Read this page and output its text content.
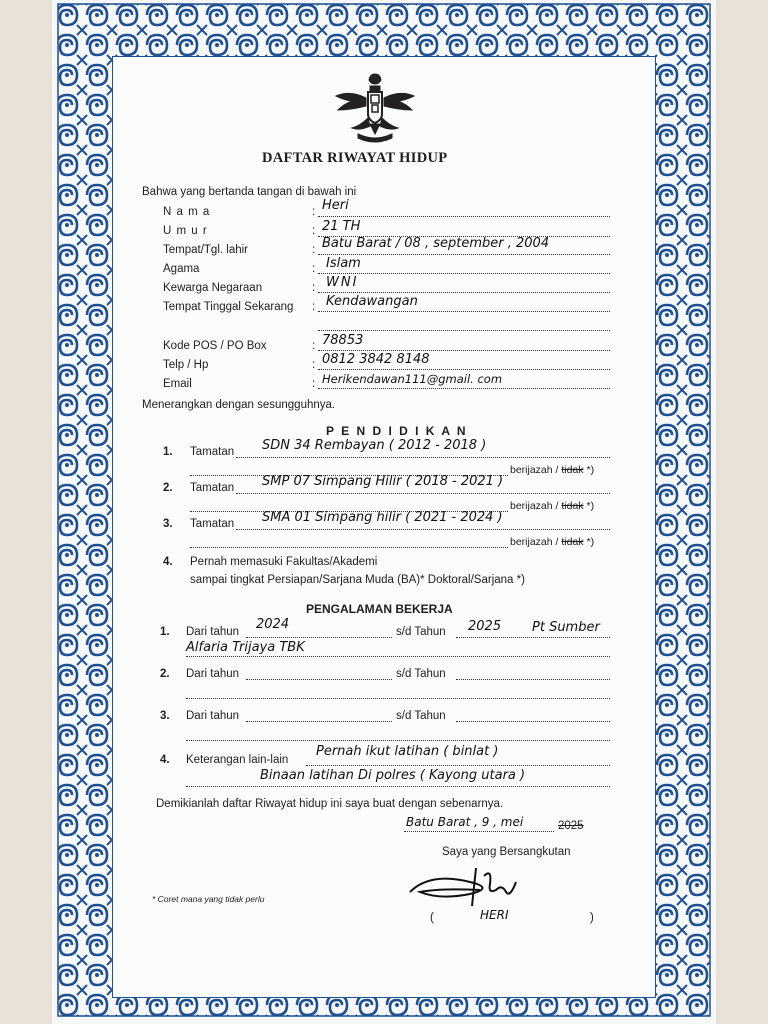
DAFTAR RIWAYAT HIDUP
Bahwa yang bertanda tangan di bawah ini
N a m a	: Heri
U m u r	: 21 TH
Tempat/Tgl. lahir	: Batu Barat / 08 , september , 2004
Agama	: Islam
Kewarga Negaraan	: WNI
Tempat Tinggal Sekarang : Kendawangan
Kode POS / PO Box	: 78853
Telp / Hp	: 0812 3842 8148
Email	: Herikendawan111@gmail. com
Menerangkan dengan sesungguhnya.
P E N D I D I K A N
1. Tamatan SDN 34 Rembayan ( 2012 - 2018 )
berijazah / tidak *)
2. Tamatan SMP 07 Simpang Hilir ( 2018 - 2021 )
berijazah / tidak *)
3. Tamatan SMA 01 Simpang hilir ( 2021 - 2024 )
berijazah / tidak *)
4. Pernah memasuki Fakultas/Akademi
sampai tingkat Persiapan/Sarjana Muda (BA)* Doktoral/Sarjana *)
PENGALAMAN BEKERJA
1. Dari tahun 2024	s/d Tahun 2025 Pt Sumber
Alfaria Trijaya TBK
2. Dari tahun	s/d Tahun
3. Dari tahun	s/d Tahun
4. Keterangan lain-lain
Pernah ikut latihan ( binlat )
Binaan latihan Di polres ( Kayong utara )
Demikianlah daftar Riwayat hidup ini saya buat dengan sebenarnya.
Batu Barat , 9 , mei	2025
Saya yang Bersangkutan
(	HERI	)
* Coret mana yang tidak perlu
